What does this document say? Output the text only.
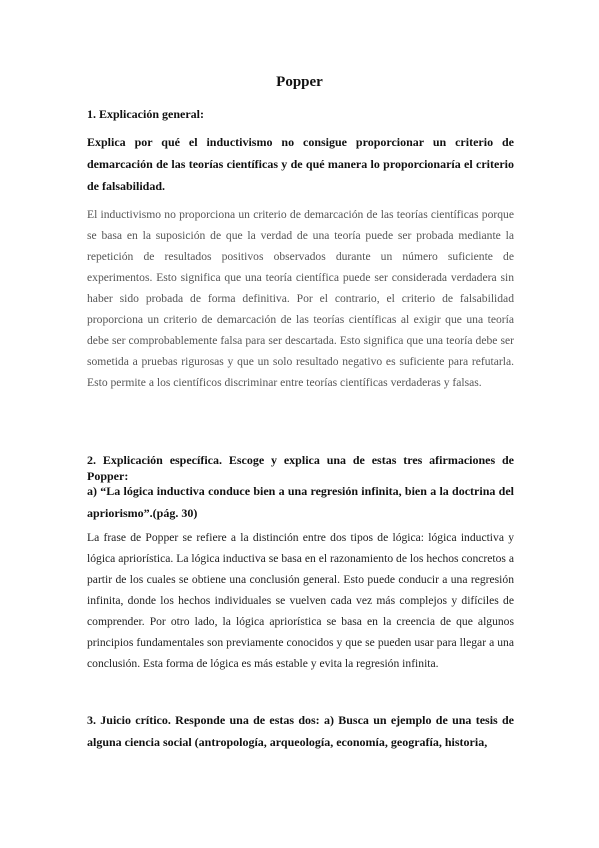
Popper
1. Explicación general:
Explica por qué el inductivismo no consigue proporcionar un criterio de demarcación de las teorías científicas y de qué manera lo proporcionaría el criterio de falsabilidad.
El inductivismo no proporciona un criterio de demarcación de las teorías científicas porque se basa en la suposición de que la verdad de una teoría puede ser probada mediante la repetición de resultados positivos observados durante un número suficiente de experimentos. Esto significa que una teoría científica puede ser considerada verdadera sin haber sido probada de forma definitiva. Por el contrario, el criterio de falsabilidad proporciona un criterio de demarcación de las teorías científicas al exigir que una teoría debe ser comprobablemente falsa para ser descartada. Esto significa que una teoría debe ser sometida a pruebas rigurosas y que un solo resultado negativo es suficiente para refutarla. Esto permite a los científicos discriminar entre teorías científicas verdaderas y falsas.
2. Explicación específica. Escoge y explica una de estas tres afirmaciones de Popper:
a) “La lógica inductiva conduce bien a una regresión infinita, bien a la doctrina del apriorismo”.(pág. 30)
La frase de Popper se refiere a la distinción entre dos tipos de lógica: lógica inductiva y lógica apriorística. La lógica inductiva se basa en el razonamiento de los hechos concretos a partir de los cuales se obtiene una conclusión general. Esto puede conducir a una regresión infinita, donde los hechos individuales se vuelven cada vez más complejos y difíciles de comprender. Por otro lado, la lógica apriorística se basa en la creencia de que algunos principios fundamentales son previamente conocidos y que se pueden usar para llegar a una conclusión. Esta forma de lógica es más estable y evita la regresión infinita.
3. Juicio crítico. Responde una de estas dos: a) Busca un ejemplo de una tesis de alguna ciencia social (antropología, arqueología, economía, geografía, historia,
